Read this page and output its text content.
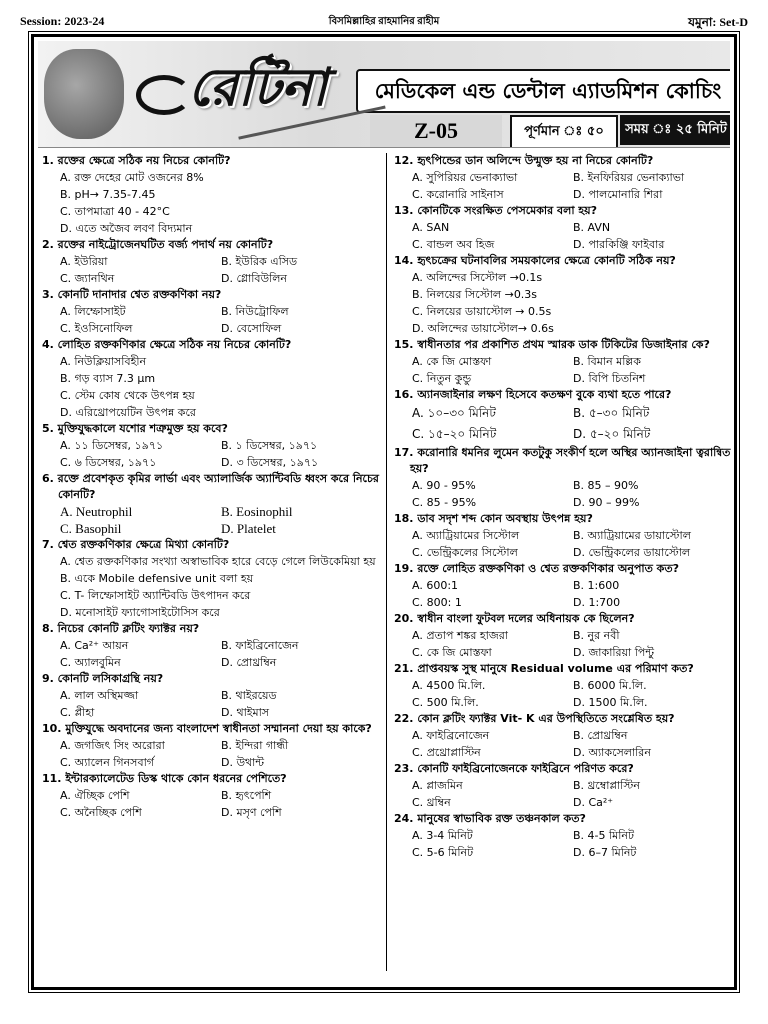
Session: 2023-24	বিসমিল্লাহির রাহমানির রাহীম	যমুনা: Set-D
রেটিনা	মেডিকেল এন্ড ডেন্টাল এ্যাডমিশন কোচিং
Z-05	পূর্ণমান ঃ ৫০	সময় ঃ ২৫ মিনিট
1. রক্তের ক্ষেত্রে সঠিক নয় নিচের কোনটি?
A. রক্ত দেহের মোট ওজনের 8%
B. pH→ 7.35-7.45
C. তাপমাত্রা 40 - 42°C
D. এতে অজৈব লবণ বিদ্যমান
2. রক্তের নাইট্রোজেনঘটিত বর্জ্য পদার্থ নয় কোনটি?
A. ইউরিয়া	B. ইউরিক এসিড
C. জ্যানথিন	D. গ্লোবিউলিন
3. কোনটি দানাদার শ্বেত রক্তকণিকা নয়?
A. লিম্ফোসাইট	B. নিউট্রোফিল
C. ইওসিনোফিল	D. বেসোফিল
4. লোহিত রক্তকণিকার ক্ষেত্রে সঠিক নয় নিচের কোনটি?
A. নিউক্লিয়াসবিহীন
B. গড় ব্যাস 7.3 µm
C. স্টেম কোষ থেকে উৎপন্ন হয়
D. এরিথ্রোপয়েটিন উৎপন্ন করে
5. মুক্তিযুদ্ধকালে যশোর শত্রুমুক্ত হয় কবে?
A. ১১ ডিসেম্বর, ১৯৭১	B. ১ ডিসেম্বর, ১৯৭১
C. ৬ ডিসেম্বর, ১৯৭১	D. ৩ ডিসেম্বর, ১৯৭১
6. রক্তে প্রবেশকৃত কৃমির লার্ভা এবং অ্যালার্জিক অ্যান্টিবডি ধ্বংস করে নিচের কোনটি?
A. Neutrophil	B. Eosinophil
C. Basophil	D. Platelet
7. শ্বেত রক্তকণিকার ক্ষেত্রে মিথ্যা কোনটি?
A. শ্বেত রক্তকণিকার সংখ্যা অস্বাভাবিক হারে বেড়ে গেলে লিউকেমিয়া হয়
B. একে Mobile defensive unit বলা হয়
C. T- লিম্ফোসাইট অ্যান্টিবডি উৎপাদন করে
D. মনোসাইট ফ্যাগোসাইটোসিস করে
8. নিচের কোনটি ক্লটিং ফ্যাক্টর নয়?
A. Ca²⁺ আয়ন	B. ফাইব্রিনোজেন
C. অ্যালবুমিন	D. প্রোথ্রম্বিন
9. কোনটি লসিকাগ্রন্থি নয়?
A. লাল অস্থিমজ্জা	B. থাইরয়েড
C. প্লীহা	D. থাইমাস
10. মুক্তিযুদ্ধে অবদানের জন্য বাংলাদেশ স্বাধীনতা সম্মাননা দেয়া হয় কাকে?
A. জগজিৎ সিং অরোরা	B. ইন্দিরা গান্ধী
C. অ্যালেন গিনসবার্গ	D. উথান্ট
11. ইন্টারক্যালেটেড ডিস্ক থাকে কোন ধরনের পেশিতে?
A. ঐচ্ছিক পেশি	B. হৃৎপেশি
C. অনৈচ্ছিক পেশি	D. মসৃণ পেশি
12. হৃৎপিন্ডের ডান অলিন্দে উন্মুক্ত হয় না নিচের কোনটি?
A. সুপিরিয়র ভেনাক্যাভা	B. ইনফিরিয়র ভেনাক্যাভা
C. করোনারি সাইনাস	D. পালমোনারি শিরা
13. কোনটিকে সংরক্ষিত পেসমেকার বলা হয়?
A. SAN	B. AVN
C. বান্ডল অব হিজ	D. পারকিঞ্জি ফাইবার
14. হৃৎচক্রের ঘটনাবলির সময়কালের ক্ষেত্রে কোনটি সঠিক নয়?
A. অলিন্দের সিস্টোল →0.1s
B. নিলয়ের সিস্টোল →0.3s
C. নিলয়ের ডায়াস্টোল → 0.5s
D. অলিন্দের ডায়াস্টোল→ 0.6s
15. স্বাধীনতার পর প্রকাশিত প্রথম স্মারক ডাক টিকিটের ডিজাইনার কে?
A. কে জি মোস্তফা	B. বিমান মল্লিক
C. নিতুন কুন্ডু	D. বিপি চিতনিশ
16. অ্যানজাইনার লক্ষণ হিসেবে কতক্ষণ বুকে ব্যথা হতে পারে?
A. ১০–৩০ মিনিট	B. ৫–৩০ মিনিট
C. ১৫–২০ মিনিট	D. ৫–২০ মিনিট
17. করোনারি ধমনির লুমেন কতটুকু সংকীর্ণ হলে অস্থির অ্যানজাইনা ত্বরান্বিত হয়?
A. 90 - 95%	B. 85 – 90%
C. 85 - 95%	D. 90 – 99%
18. ডাব সদৃশ শব্দ কোন অবস্থায় উৎপন্ন হয়?
A. অ্যাট্রিয়ামের সিস্টোল	B. অ্যাট্রিয়ামের ডায়াস্টোল
C. ভেন্ট্রিকলের সিস্টোল	D. ভেন্ট্রিকলের ডায়াস্টোল
19. রক্তে লোহিত রক্তকণিকা ও শ্বেত রক্তকণিকার অনুপাত কত?
A. 600:1	B. 1:600
C. 800: 1	D. 1:700
20. স্বাধীন বাংলা ফুটবল দলের অধিনায়ক কে ছিলেন?
A. প্রতাপ শঙ্কর হাজরা	B. নুর নবী
C. কে জি মোস্তফা	D. জাকারিয়া পিন্টু
21. প্রাপ্তবয়স্ক সুস্থ মানুষে Residual volume এর পরিমাণ কত?
A. 4500 মি.লি.	B. 6000 মি.লি.
C. 500 মি.লি.	D. 1500 মি.লি.
22. কোন ক্লটিং ফ্যাক্টর Vit- K এর উপস্থিতিতে সংশ্লেষিত হয়?
A. ফাইব্রিনোজেন	B. প্রোথ্রম্বিন
C. প্রথ্রোপ্লাস্টিন	D. অ্যাকসেলারিন
23. কোনটি ফাইব্রিনোজেনকে ফাইব্রিনে পরিণত করে?
A. প্লাজমিন	B. থ্রম্বোপ্লাস্টিন
C. থ্রম্বিন	D. Ca²⁺
24. মানুষের স্বাভাবিক রক্ত তঞ্চনকাল কত?
A. 3-4 মিনিট	B. 4-5 মিনিট
C. 5-6 মিনিট	D. 6–7 মিনিট
